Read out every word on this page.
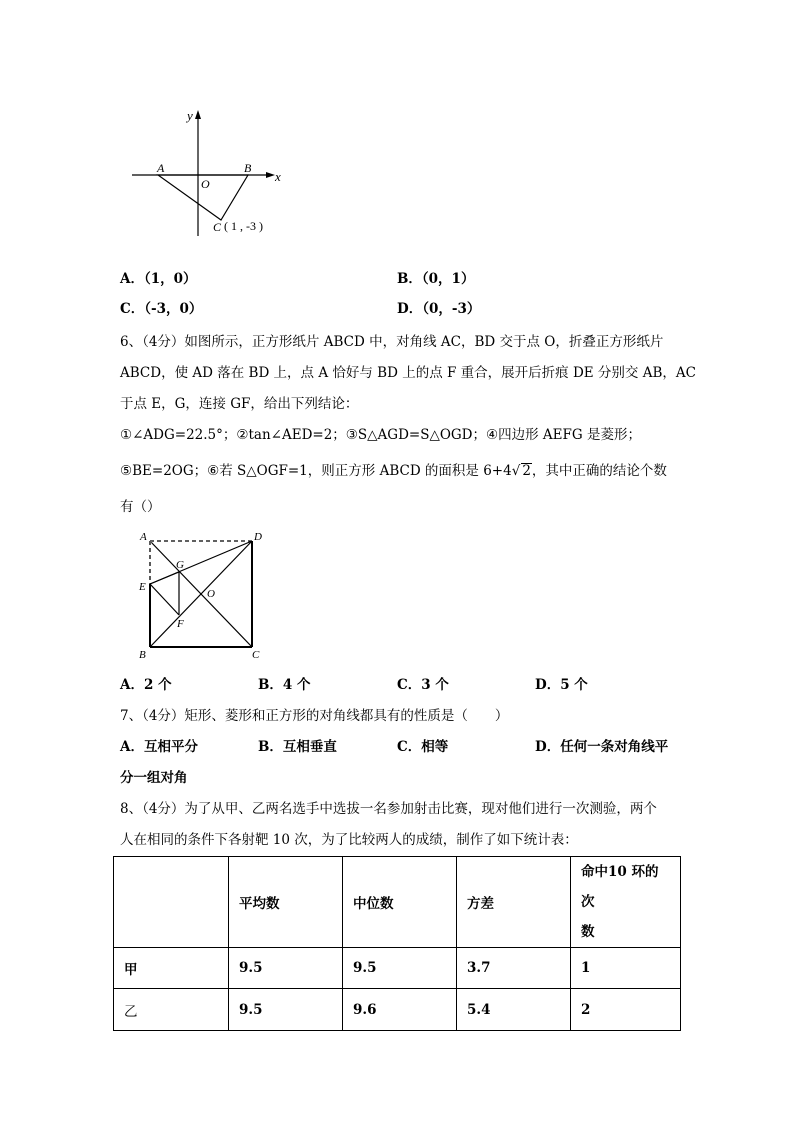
y
x
A
O
B
C ( 1 , -3 )
A．（1，0）	B．（0，1）
C．（-3，0）	D．（0，-3）
6、（4分）如图所示，正方形纸片 ABCD 中，对角线 AC，BD 交于点 O，折叠正方形纸片
ABCD，使 AD 落在 BD 上，点 A 恰好与 BD 上的点 F 重合，展开后折痕 DE 分别交 AB，AC
于点 E，G，连接 GF，给出下列结论：
①∠ADG=22.5°；②tan∠AED=2；③S△AGD=S△OGD；④四边形 AEFG 是菱形；
⑤BE=2OG；⑥若 S△OGF=1，则正方形 ABCD 的面积是 6+4√ 2，其中正确的结论个数
有（）
A	D
G
E
O
F
B	C
A．2 个	B．4 个	C．3 个	D．5 个
7、（4分）矩形、菱形和正方形的对角线都具有的性质是（　　）
A．互相平分	B．互相垂直	C．相等	D．任何一条对角线平
分一组对角
8、（4分）为了从甲、乙两名选手中选拔一名参加射击比赛，现对他们进行一次测验，两个
人在相同的条件下各射靶 10 次，为了比较两人的成绩，制作了如下统计表：
	平均数	中位数	方差	命中10 环的次
数

甲	9.5	9.5	3.7	1
乙	9.5	9.6	5.4	2
